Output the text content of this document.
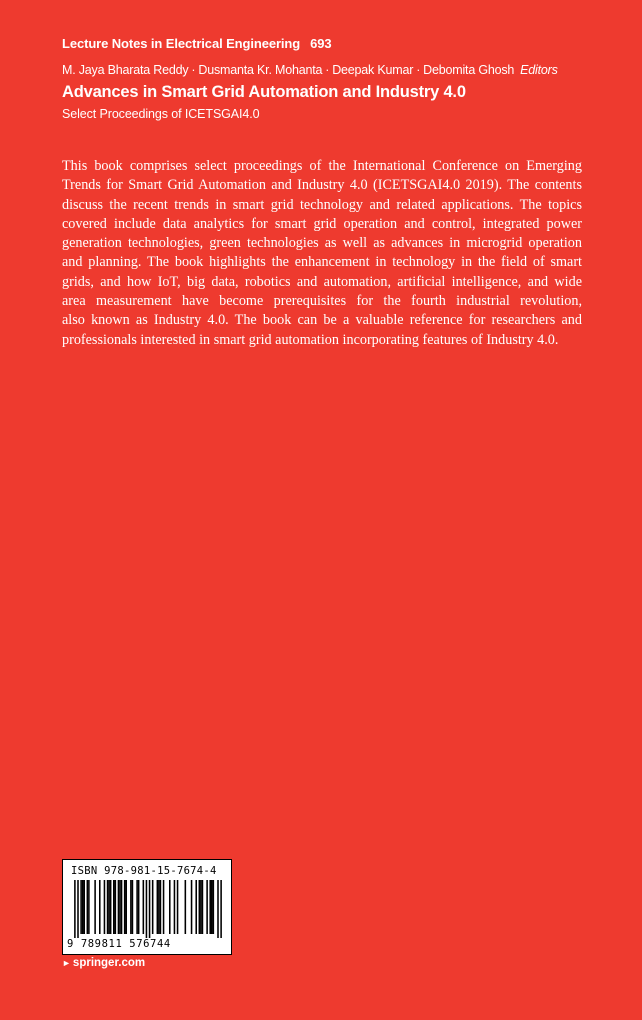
Lecture Notes in Electrical Engineering 693
M. Jaya Bharata Reddy · Dusmanta Kr. Mohanta · Deepak Kumar · Debomita Ghosh Editors
Advances in Smart Grid Automation and Industry 4.0
Select Proceedings of ICETSGAI4.0
This book comprises select proceedings of the International Conference on Emerging
Trends for Smart Grid Automation and Industry 4.0 (ICETSGAI4.0 2019). The contents
discuss the recent trends in smart grid technology and related applications. The topics
covered include data analytics for smart grid operation and control, integrated power
generation technologies, green technologies as well as advances in microgrid operation
and planning. The book highlights the enhancement in technology in the field of smart
grids, and how IoT, big data, robotics and automation, artificial intelligence, and wide
area measurement have become prerequisites for the fourth industrial revolution,
also known as Industry 4.0. The book can be a valuable reference for researchers and
professionals interested in smart grid automation incorporating features of Industry 4.0.
ISBN 978-981-15-7674-4
9 789811 576744
► springer.com
